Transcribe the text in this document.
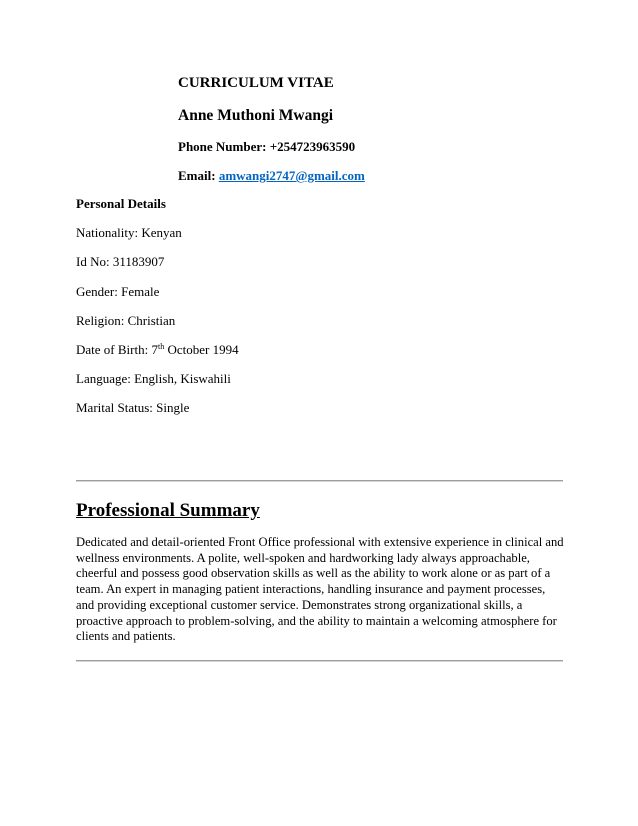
CURRICULUM VITAE
Anne Muthoni Mwangi
Phone Number: +254723963590
Email: amwangi2747@gmail.com
Personal Details
Nationality: Kenyan
Id No: 31183907
Gender: Female
Religion: Christian
Date of Birth: 7th October 1994
Language: English, Kiswahili
Marital Status: Single
Professional Summary
Dedicated and detail-oriented Front Office professional with extensive experience in clinical and
wellness environments. A polite, well-spoken and hardworking lady always approachable,
cheerful and possess good observation skills as well as the ability to work alone or as part of a
team. An expert in managing patient interactions, handling insurance and payment processes,
and providing exceptional customer service. Demonstrates strong organizational skills, a
proactive approach to problem-solving, and the ability to maintain a welcoming atmosphere for
clients and patients.
